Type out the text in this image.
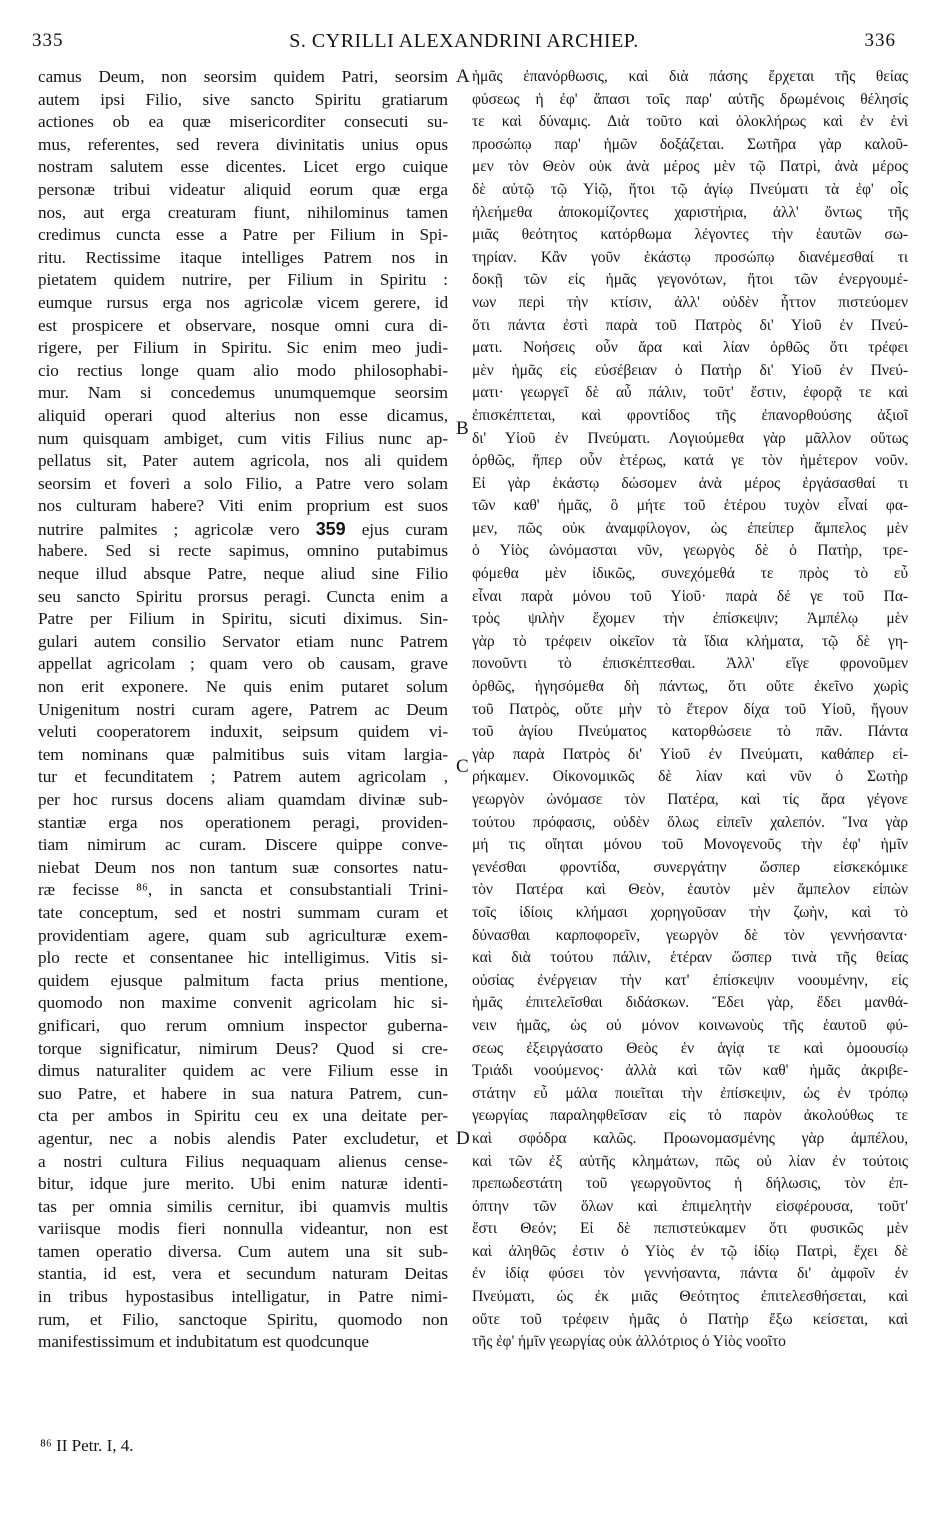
335	S. CYRILLI ALEXANDRINI ARCHIEP.	336
camus Deum, non seorsim quidem Patri, seorsim
autem ipsi Filio, sive sancto Spiritu gratiarum
actiones ob ea quæ misericorditer consecuti su-
mus, referentes, sed revera divinitatis unius opus
nostram salutem esse dicentes. Licet ergo cuique
personæ tribui videatur aliquid eorum quæ erga
nos, aut erga creaturam fiunt, nihilominus tamen
credimus cuncta esse a Patre per Filium in Spi-
ritu. Rectissime itaque intelliges Patrem nos in
pietatem quidem nutrire, per Filium in Spiritu :
eumque rursus erga nos agricolæ vicem gerere, id
est prospicere et observare, nosque omni cura di-
rigere, per Filium in Spiritu. Sic enim meo judi-
cio rectius longe quam alio modo philosophabi-
mur. Nam si concedemus unumquemque seorsim
aliquid operari quod alterius non esse dicamus,
num quisquam ambiget, cum vitis Filius nunc ap-
pellatus sit, Pater autem agricola, nos ali quidem
seorsim et foveri a solo Filio, a Patre vero solam
nos culturam habere? Viti enim proprium est suos
nutrire palmites ; agricolæ vero 359 ejus curam
habere. Sed si recte sapimus, omnino putabimus
neque illud absque Patre, neque aliud sine Filio
seu sancto Spiritu prorsus peragi. Cuncta enim a
Patre per Filium in Spiritu, sicuti diximus. Sin-
gulari autem consilio Servator etiam nunc Patrem
appellat agricolam ; quam vero ob causam, grave
non erit exponere. Ne quis enim putaret solum
Unigenitum nostri curam agere, Patrem ac Deum
veluti cooperatorem induxit, seipsum quidem vi-
tem nominans quæ palmitibus suis vitam largia-
tur et fecunditatem ; Patrem autem agricolam ,
per hoc rursus docens aliam quamdam divinæ sub-
stantiæ erga nos operationem peragi, providen-
tiam nimirum ac curam. Discere quippe conve-
niebat Deum nos non tantum suæ consortes natu-
ræ fecisse ⁸⁶, in sancta et consubstantiali Trini-
tate conceptum, sed et nostri summam curam et
providentiam agere, quam sub agriculturæ exem-
plo recte et consentanee hic intelligimus. Vitis si-
quidem ejusque palmitum facta prius mentione,
quomodo non maxime convenit agricolam hic si-
gnificari, quo rerum omnium inspector guberna-
torque significatur, nimirum Deus? Quod si cre-
dimus naturaliter quidem ac vere Filium esse in
suo Patre, et habere in sua natura Patrem, cun-
cta per ambos in Spiritu ceu ex una deitate per-
agentur, nec a nobis alendis Pater excludetur, et
a nostri cultura Filius nequaquam alienus cense-
bitur, idque jure merito. Ubi enim naturæ identi-
tas per omnia similis cernitur, ibi quamvis multis
variisque modis fieri nonnulla videantur, non est
tamen operatio diversa. Cum autem una sit sub-
stantia, id est, vera et secundum naturam Deitas
in tribus hypostasibus intelligatur, in Patre nimi-
rum, et Filio, sanctoque Spiritu, quomodo non
manifestissimum et indubitatum est quodcunque
ἡμᾶς ἐπανόρθωσις, καὶ διὰ πάσης ἔρχεται τῆς θείας
φύσεως ἡ ἐφ' ἅπασι τοῖς παρ' αὐτῆς δρωμένοις θέλησίς
τε καὶ δύναμις. Διὰ τοῦτο καὶ ὁλοκλήρως καὶ ἐν ἑνὶ
προσώπῳ παρ' ἡμῶν δοξάζεται. Σωτῆρα γὰρ καλοῦ-
μεν τὸν Θεὸν οὐκ ἀνὰ μέρος μὲν τῷ Πατρὶ, ἀνὰ μέρος
δὲ αὐτῷ τῷ Υἱῷ, ἤτοι τῷ ἁγίῳ Πνεύματι τὰ ἐφ' οἷς
ἠλεήμεθα ἀποκομίζοντες χαριστήρια, ἀλλ' ὄντως τῆς
μιᾶς θεότητος κατόρθωμα λέγοντες τὴν ἑαυτῶν σω-
τηρίαν. Κἂν γοῦν ἑκάστῳ προσώπῳ διανέμεσθαί τι
δοκῇ τῶν εἰς ἡμᾶς γεγονότων, ἤτοι τῶν ἐνεργουμέ-
νων περὶ τὴν κτίσιν, ἀλλ' οὐδὲν ἧττον πιστεύομεν
ὅτι πάντα ἐστὶ παρὰ τοῦ Πατρὸς δι' Υἱοῦ ἐν Πνεύ-
ματι. Νοήσεις οὖν ἄρα καὶ λίαν ὀρθῶς ὅτι τρέφει
μὲν ἡμᾶς εἰς εὐσέβειαν ὁ Πατὴρ δι' Υἱοῦ ἐν Πνεύ-
ματι· γεωργεῖ δὲ αὖ πάλιν, τοῦτ' ἔστιν, ἐφορᾷ τε καὶ
ἐπισκέπτεται, καὶ φροντίδος τῆς ἐπανορθούσης ἀξιοῖ
δι' Υἱοῦ ἐν Πνεύματι. Λογιούμεθα γὰρ μᾶλλον οὕτως
ὀρθῶς, ἤπερ οὖν ἑτέρως, κατά γε τὸν ἡμέτερον νοῦν.
Εἰ γὰρ ἑκάστῳ δώσομεν ἀνὰ μέρος ἐργάσασθαί τι
τῶν καθ' ἡμᾶς, ὃ μήτε τοῦ ἑτέρου τυχὸν εἶναί φα-
μεν, πῶς οὐκ ἀναμφίλογον, ὡς ἐπείπερ ἄμπελος μὲν
ὁ Υἱὸς ὠνόμασται νῦν, γεωργὸς δὲ ὁ Πατὴρ, τρε-
φόμεθα μὲν ἰδικῶς, συνεχόμεθά τε πρὸς τὸ εὖ
εἶναι παρὰ μόνου τοῦ Υἱοῦ· παρὰ δέ γε τοῦ Πα-
τρὸς ψιλὴν ἔχομεν τὴν ἐπίσκεψιν; Ἀμπέλῳ μὲν
γὰρ τὸ τρέφειν οἰκεῖον τὰ ἴδια κλήματα, τῷ δὲ γη-
πονοῦντι τὸ ἐπισκέπτεσθαι. Ἀλλ' εἴγε φρονοῦμεν
ὀρθῶς, ἡγησόμεθα δὴ πάντως, ὅτι οὔτε ἐκεῖνο χωρὶς
τοῦ Πατρὸς, οὔτε μὴν τὸ ἕτερον δίχα τοῦ Υἱοῦ, ἤγουν
τοῦ ἁγίου Πνεύματος κατορθώσειε τὸ πᾶν. Πάντα
γὰρ παρὰ Πατρὸς δι' Υἱοῦ ἐν Πνεύματι, καθάπερ εἰ-
ρήκαμεν. Οἰκονομικῶς δὲ λίαν καὶ νῦν ὁ Σωτὴρ
γεωργὸν ὠνόμασε τὸν Πατέρα, καὶ τίς ἄρα γέγονε
τούτου πρόφασις, οὐδὲν ὅλως εἰπεῖν χαλεπόν. Ἵνα γὰρ
μή τις οἴηται μόνου τοῦ Μονογενοῦς τὴν ἐφ' ἡμῖν
γενέσθαι φροντίδα, συνεργάτην ὥσπερ εἰσκεκόμικε
τὸν Πατέρα καὶ Θεὸν, ἑαυτὸν μὲν ἄμπελον εἰπὼν
τοῖς ἰδίοις κλήμασι χορηγοῦσαν τὴν ζωὴν, καὶ τὸ
δύνασθαι καρποφορεῖν, γεωργὸν δὲ τὸν γεννήσαντα·
καὶ διὰ τούτου πάλιν, ἑτέραν ὥσπερ τινὰ τῆς θείας
οὐσίας ἐνέργειαν τὴν κατ' ἐπίσκεψιν νοουμένην, εἰς
ἡμᾶς ἐπιτελεῖσθαι διδάσκων. Ἔδει γὰρ, ἔδει μανθά-
νειν ἡμᾶς, ὡς οὐ μόνον κοινωνοὺς τῆς ἑαυτοῦ φύ-
σεως ἐξειργάσατο Θεὸς ἐν ἁγίᾳ τε καὶ ὁμοουσίῳ
Τριάδι νοούμενος· ἀλλὰ καὶ τῶν καθ' ἡμᾶς ἀκριβε-
στάτην εὖ μάλα ποιεῖται τὴν ἐπίσκεψιν, ὡς ἐν τρόπῳ
γεωργίας παραληφθεῖσαν εἰς τὸ παρὸν ἀκολούθως τε
καὶ σφόδρα καλῶς. Προωνομασμένης γὰρ ἀμπέλου,
καὶ τῶν ἐξ αὐτῆς κλημάτων, πῶς οὐ λίαν ἐν τούτοις
πρεπωδεστάτη τοῦ γεωργοῦντος ἡ δήλωσις, τὸν ἐπ-
όπτην τῶν ὅλων καὶ ἐπιμελητὴν εἰσφέρουσα, τοῦτ'
ἔστι Θεόν; Εἰ δὲ πεπιστεύκαμεν ὅτι φυσικῶς μὲν
καὶ ἀληθῶς ἐστιν ὁ Υἱὸς ἐν τῷ ἰδίῳ Πατρὶ, ἔχει δὲ
ἐν ἰδίᾳ φύσει τὸν γεννήσαντα, πάντα δι' ἀμφοῖν ἐν
Πνεύματι, ὡς ἐκ μιᾶς Θεότητος ἐπιτελεσθήσεται, καὶ
οὔτε τοῦ τρέφειν ἡμᾶς ὁ Πατὴρ ἔξω κείσεται, καὶ
τῆς ἐφ' ἡμῖν γεωργίας οὐκ ἀλλότριος ὁ Υἱὸς νοοῖτο
A
B
C
D
⁸⁶ II Petr. I, 4.
